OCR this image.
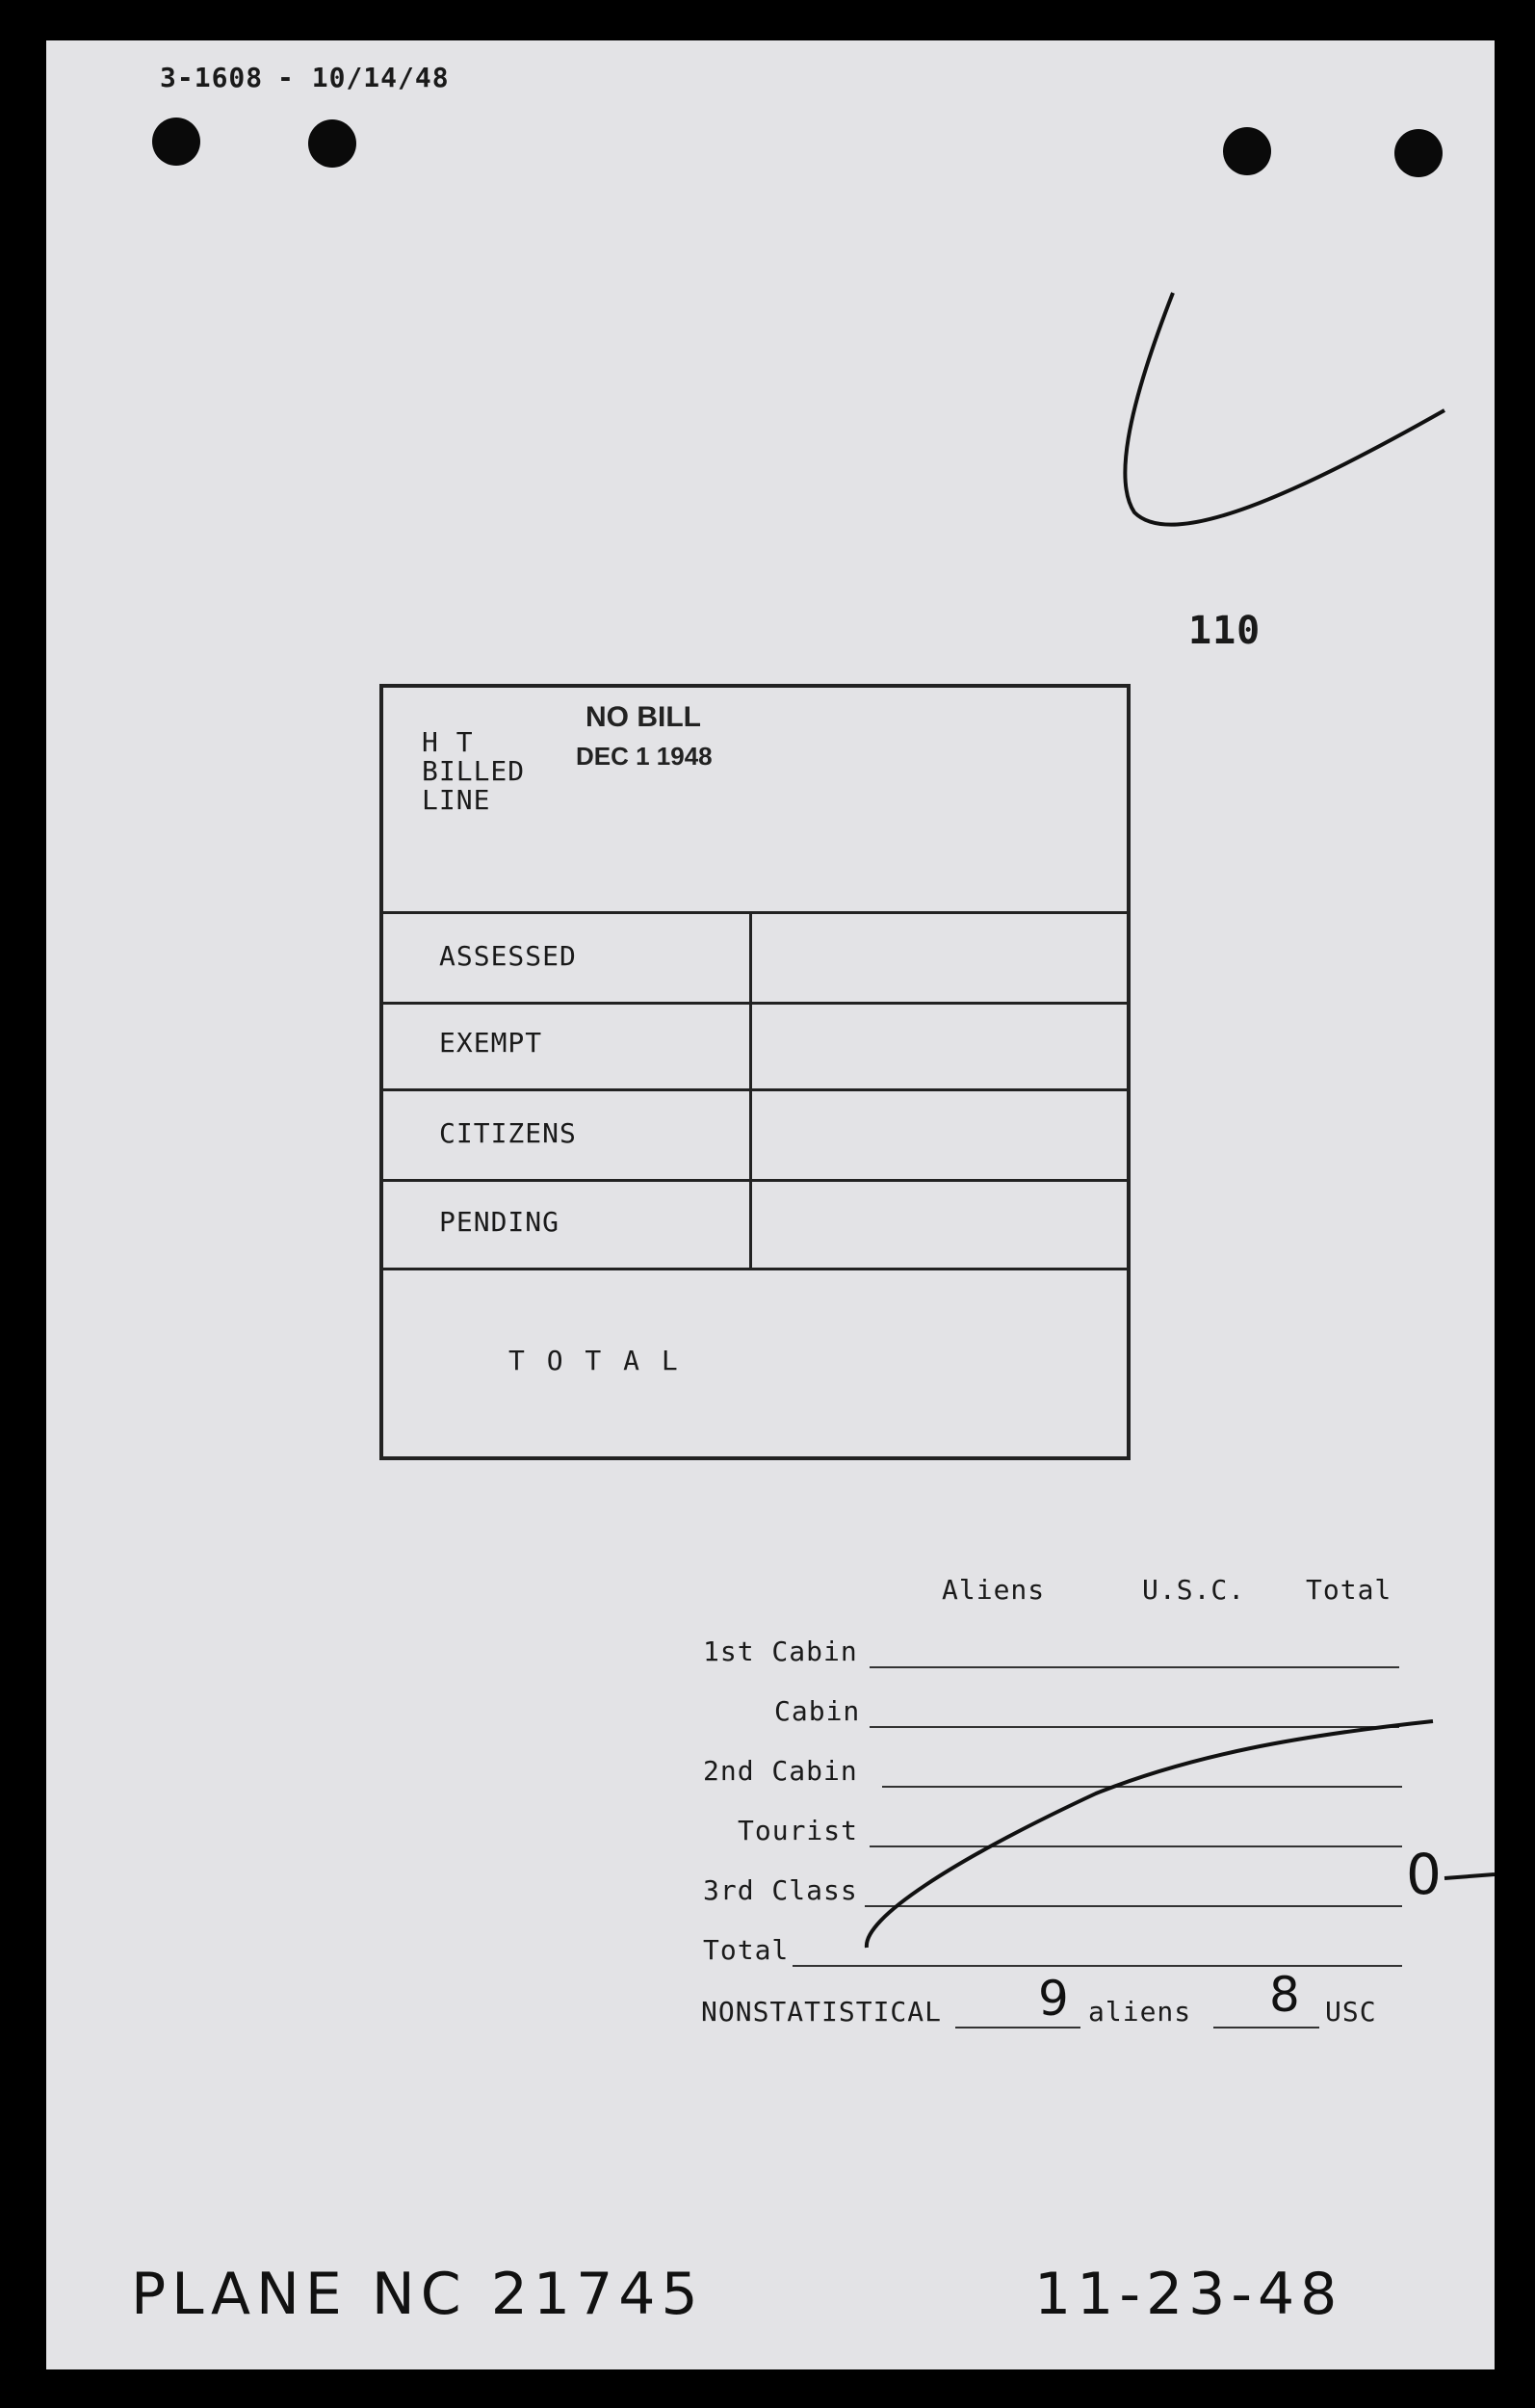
3-1608 - 10/14/48
110
H T
BILLED
LINE
NO BILL
DEC 1 1948
ASSESSED
EXEMPT
CITIZENS
PENDING
T O T A L
Aliens	U.S.C. Total
1st Cabin
Cabin
2nd Cabin
Tourist
3rd Class
Total
NONSTATISTICAL 9 aliens 8 USC
0
PLANE NC 21745	11-23-48
